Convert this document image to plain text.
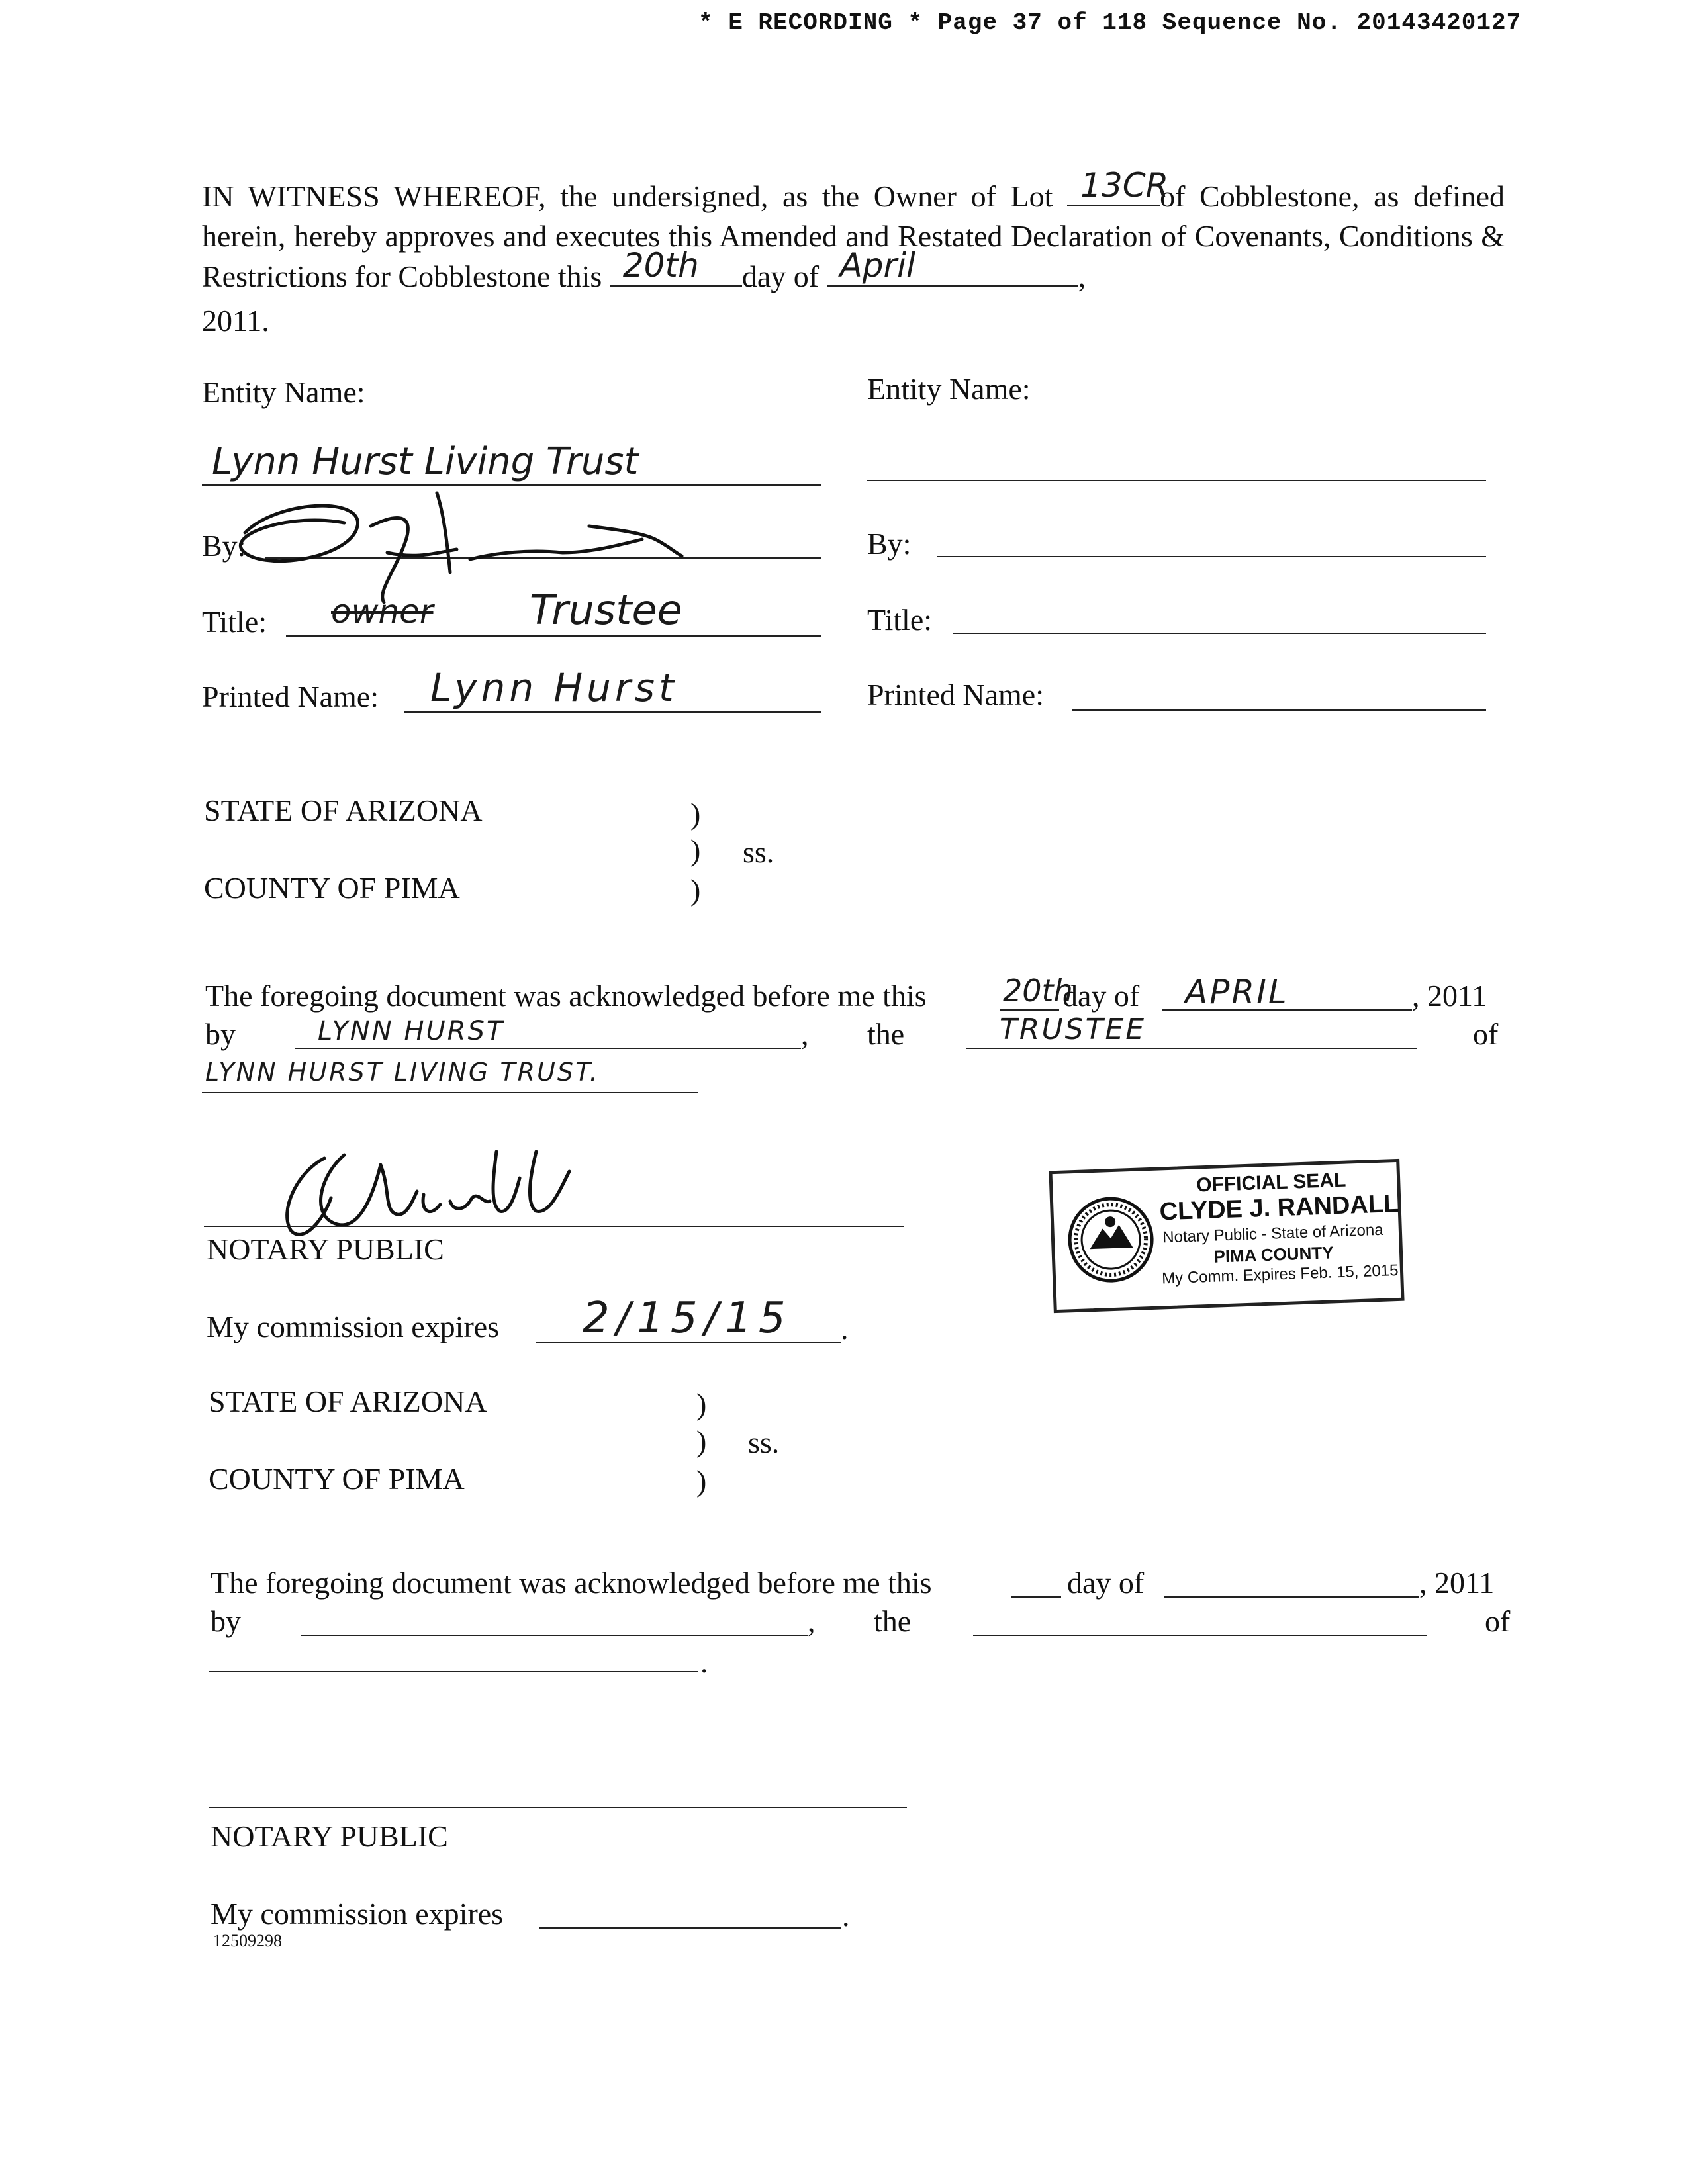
* E RECORDING * Page 37 of 118 Sequence No. 20143420127
IN WITNESS WHEREOF, the undersigned, as the Owner of Lot 13CR
of Cobblestone, as defined herein, hereby approves and executes this Amended and Restated Declaration of Covenants, Conditions & Restrictions for Cobblestone this 20th day of April	,
2011.
Entity Name:
Lynn Hurst Living Trust
By:
Title: owner Trustee
Printed Name: Lynn Hurst
Entity Name:
By:
Title:
Printed Name:
STATE OF ARIZONA	)
) ss.
COUNTY OF PIMA	)
The foregoing document was acknowledged before me this	20th
day of APRIL	, 2011
by	LYNN HURST	, the	TRUSTEE	of
LYNN HURST LIVING TRUST.
NOTARY PUBLIC
My commission expires 2/15/15 .
OFFICIAL SEAL
CLYDE J. RANDALL
Notary Public - State of Arizona
PIMA COUNTY
My Comm. Expires Feb. 15, 2015
STATE OF ARIZONA	)
) ss.
COUNTY OF PIMA	)
The foregoing document was acknowledged before me this	day of	, 2011
by	, the	of
.
NOTARY PUBLIC
My commission expires	.
12509298
